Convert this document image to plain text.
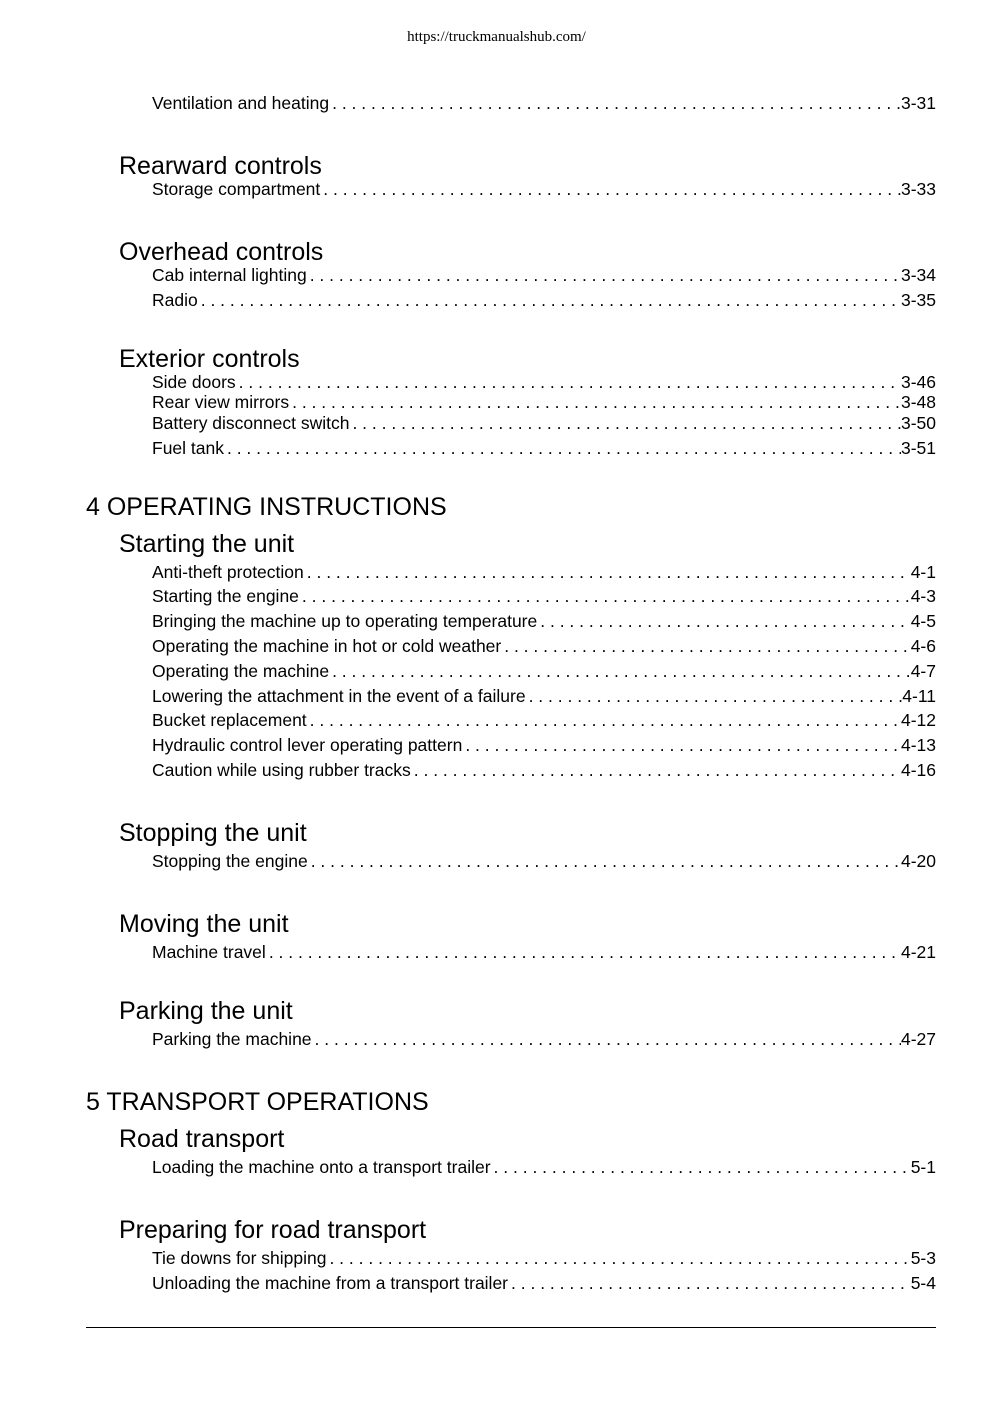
https://truckmanualshub.com/
Ventilation and heating . . .	3-31
Rearward controls
Storage compartment . . .	3-33
Overhead controls
Cab internal lighting . . .	3-34
Radio . . .	3-35
Exterior controls
Side doors . . .	3-46
Rear view mirrors . . .	3-48
Battery disconnect switch . . .	3-50
Fuel tank . . .	3-51
4 OPERATING INSTRUCTIONS
Starting the unit
Anti-theft protection . . .	4-1
Starting the engine . . .	4-3
Bringing the machine up to operating temperature . . .	4-5
Operating the machine in hot or cold weather . . .	4-6
Operating the machine . . .	4-7
Lowering the attachment in the event of a failure . . .	4-11
Bucket replacement . . .	4-12
Hydraulic control lever operating pattern . . .	4-13
Caution while using rubber tracks . . .	4-16
Stopping the unit
Stopping the engine . . .	4-20
Moving the unit
Machine travel . . .	4-21
Parking the unit
Parking the machine . . .	4-27
5 TRANSPORT OPERATIONS
Road transport
Loading the machine onto a transport trailer . . .	5-1
Preparing for road transport
Tie downs for shipping . . .	5-3
Unloading the machine from a transport trailer . . .	5-4
